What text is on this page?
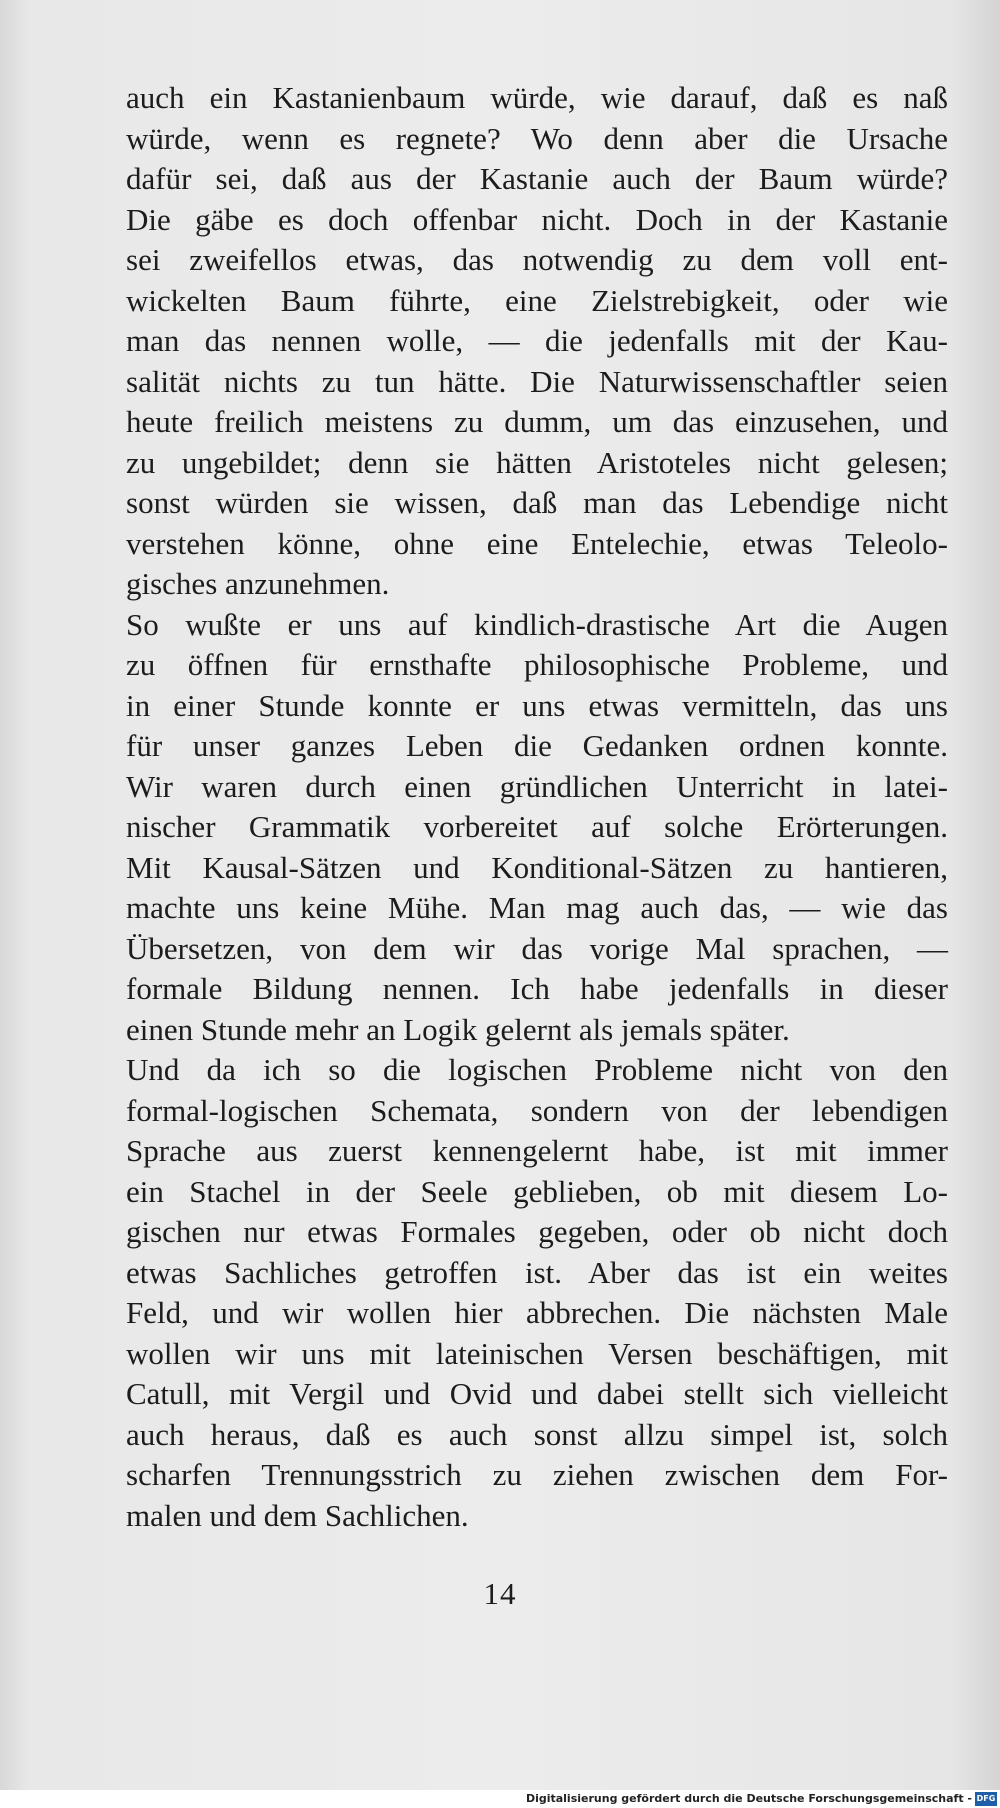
auch ein Kastanienbaum würde, wie darauf, daß es naß
würde, wenn es regnete? Wo denn aber die Ursache
dafür sei, daß aus der Kastanie auch der Baum würde?
Die gäbe es doch offenbar nicht. Doch in der Kastanie
sei zweifellos etwas, das notwendig zu dem voll ent-
wickelten Baum führte, eine Zielstrebigkeit, oder wie
man das nennen wolle, — die jedenfalls mit der Kau-
salität nichts zu tun hätte. Die Naturwissenschaftler seien
heute freilich meistens zu dumm, um das einzusehen, und
zu ungebildet; denn sie hätten Aristoteles nicht gelesen;
sonst würden sie wissen, daß man das Lebendige nicht
verstehen könne, ohne eine Entelechie, etwas Teleolo-
gisches anzunehmen.
So wußte er uns auf kindlich-drastische Art die Augen
zu öffnen für ernsthafte philosophische Probleme, und
in einer Stunde konnte er uns etwas vermitteln, das uns
für unser ganzes Leben die Gedanken ordnen konnte.
Wir waren durch einen gründlichen Unterricht in latei-
nischer Grammatik vorbereitet auf solche Erörterungen.
Mit Kausal-Sätzen und Konditional-Sätzen zu hantieren,
machte uns keine Mühe. Man mag auch das, — wie das
Übersetzen, von dem wir das vorige Mal sprachen, —
formale Bildung nennen. Ich habe jedenfalls in dieser
einen Stunde mehr an Logik gelernt als jemals später.
Und da ich so die logischen Probleme nicht von den
formal-logischen Schemata, sondern von der lebendigen
Sprache aus zuerst kennengelernt habe, ist mit immer
ein Stachel in der Seele geblieben, ob mit diesem Lo-
gischen nur etwas Formales gegeben, oder ob nicht doch
etwas Sachliches getroffen ist. Aber das ist ein weites
Feld, und wir wollen hier abbrechen. Die nächsten Male
wollen wir uns mit lateinischen Versen beschäftigen, mit
Catull, mit Vergil und Ovid und dabei stellt sich vielleicht
auch heraus, daß es auch sonst allzu simpel ist, solch
scharfen Trennungsstrich zu ziehen zwischen dem For-
malen und dem Sachlichen.
14
Digitalisierung gefördert durch die Deutsche Forschungsgemeinschaft - DFG
